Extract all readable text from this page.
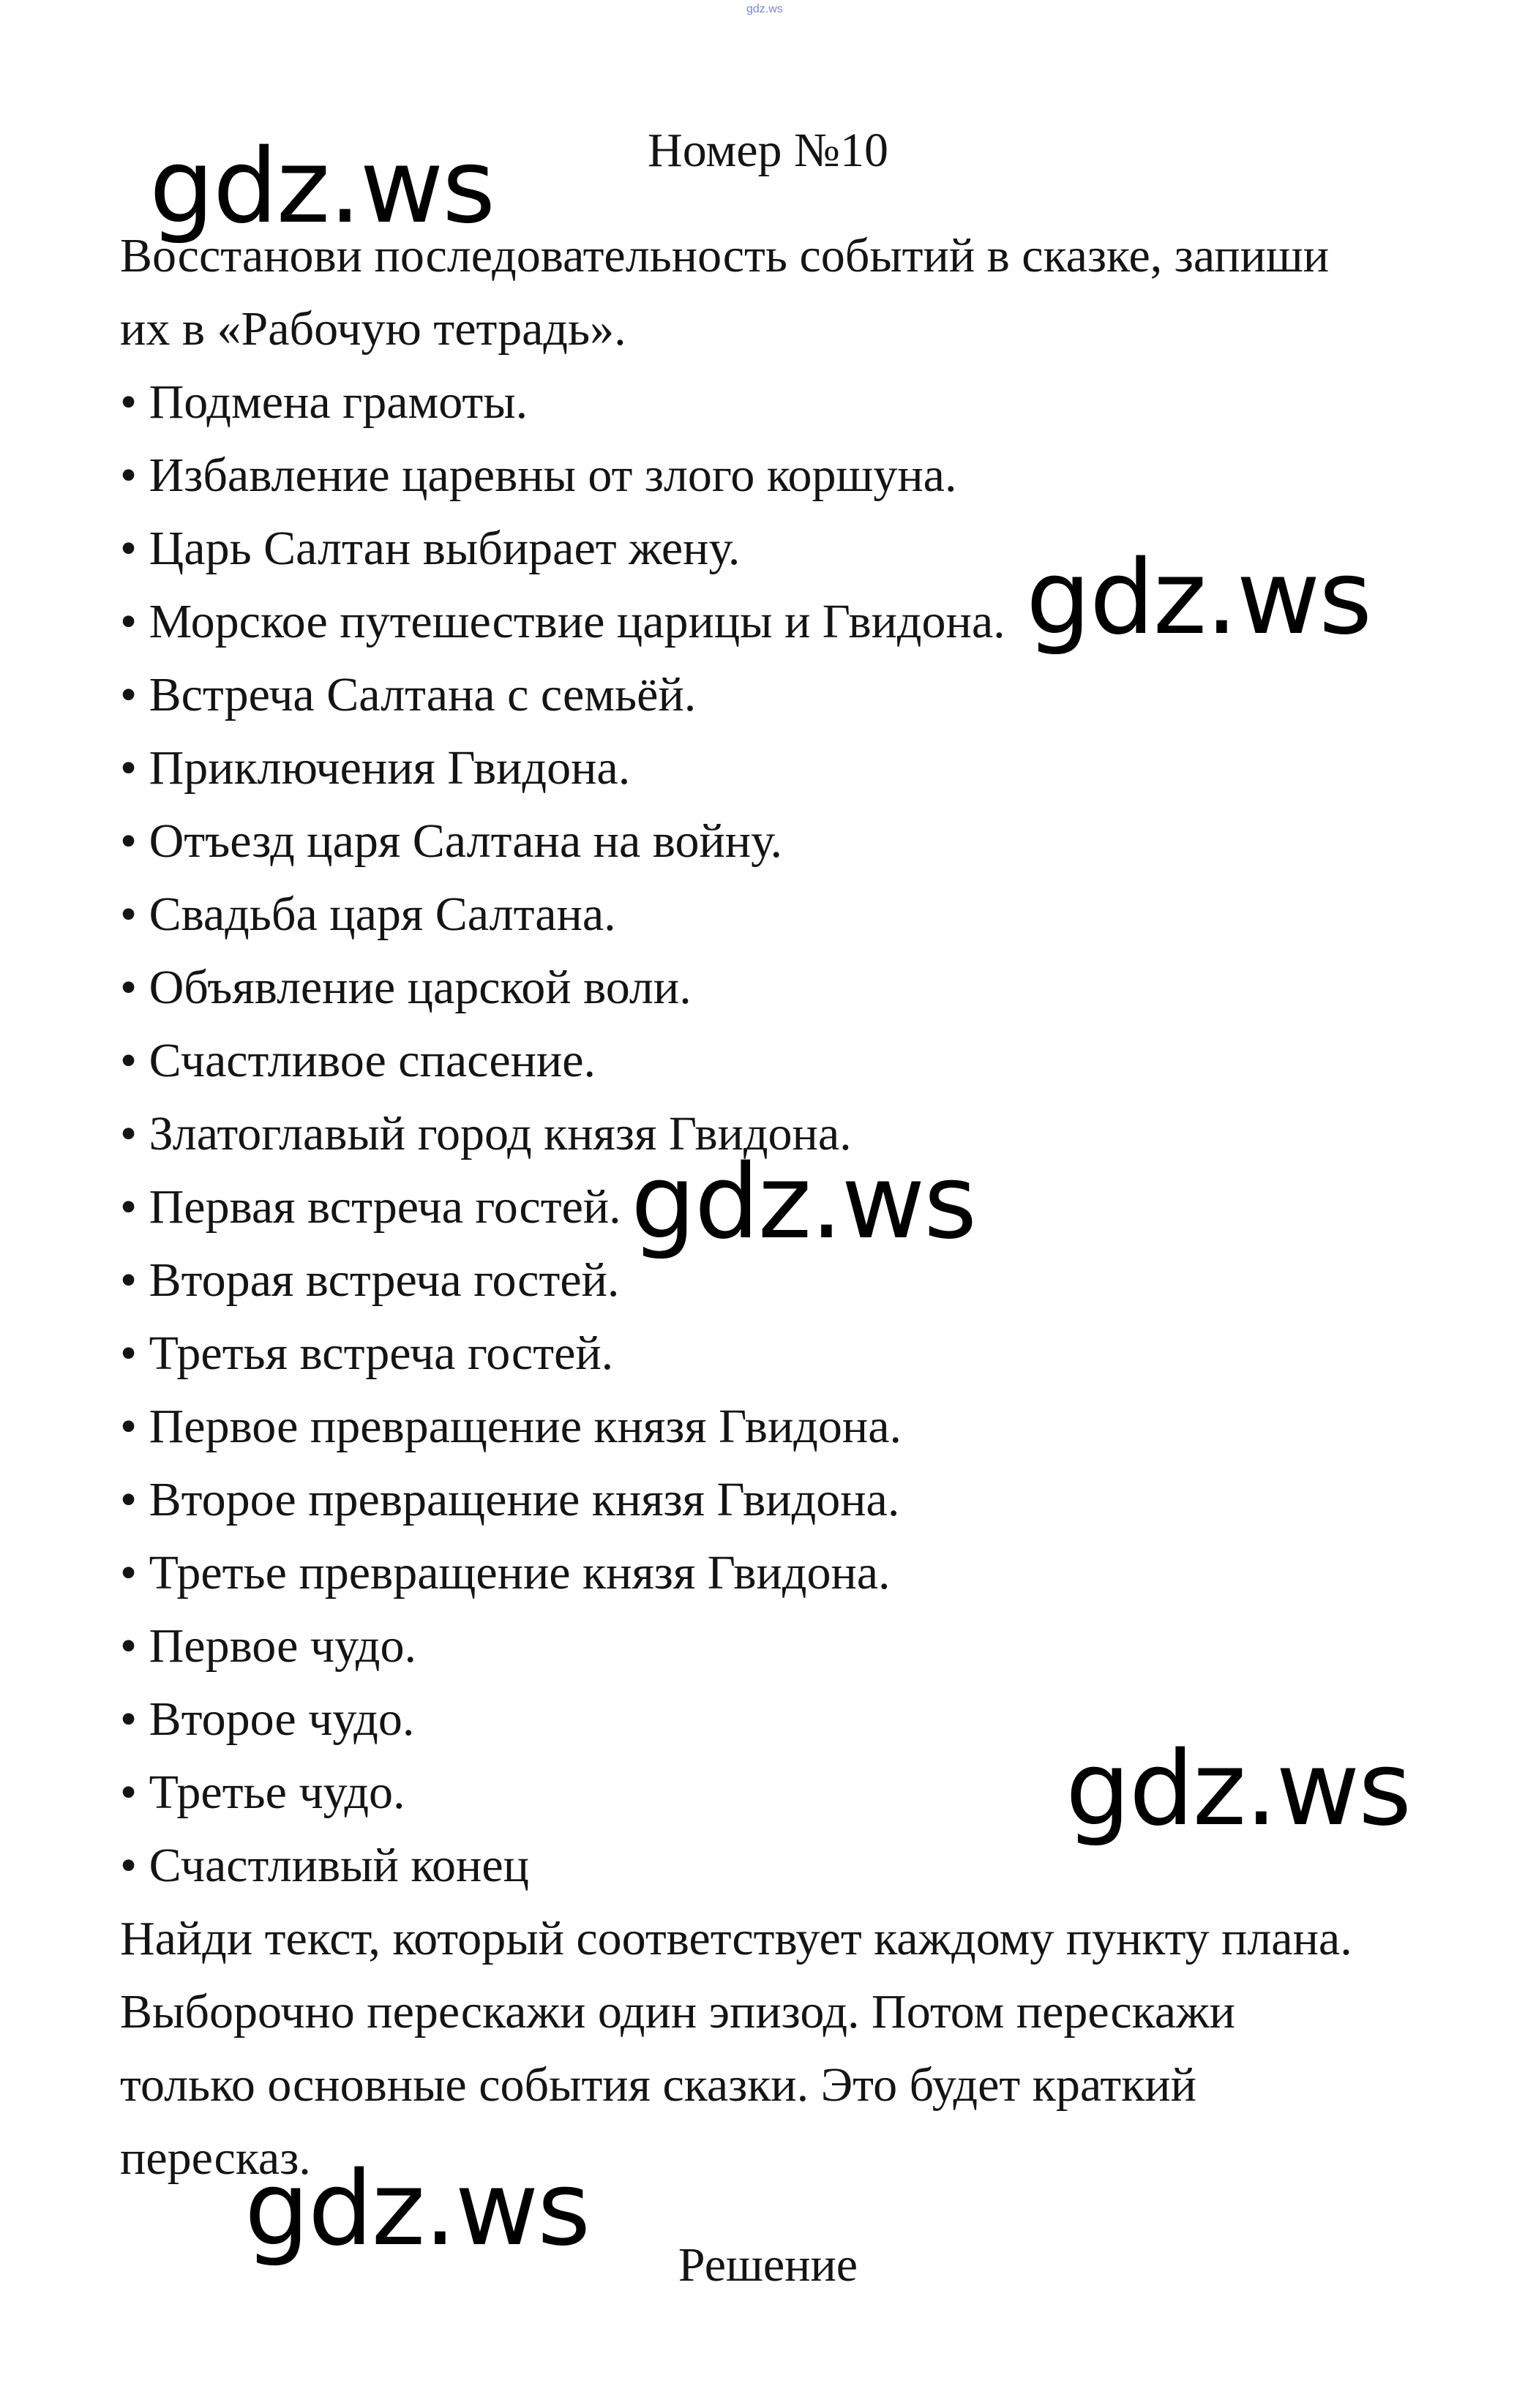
gdz.ws
Номер №10
Восстанови последовательность событий в сказке, запиши
их в «Рабочую тетрадь».
• Подмена грамоты.
• Избавление царевны от злого коршуна.
• Царь Салтан выбирает жену.
• Морское путешествие царицы и Гвидона.
• Встреча Салтана с семьёй.
• Приключения Гвидона.
• Отъезд царя Салтана на войну.
• Свадьба царя Салтана.
• Объявление царской воли.
• Счастливое спасение.
• Златоглавый город князя Гвидона.
• Первая встреча гостей.
• Вторая встреча гостей.
• Третья встреча гостей.
• Первое превращение князя Гвидона.
• Второе превращение князя Гвидона.
• Третье превращение князя Гвидона.
• Первое чудо.
• Второе чудо.
• Третье чудо.
• Счастливый конец
Найди текст, который соответствует каждому пункту плана.
Выборочно перескажи один эпизод. Потом перескажи
только основные события сказки. Это будет краткий
пересказ.
Решение
gdz.ws
gdz.ws
gdz.ws
gdz.ws
gdz.ws
